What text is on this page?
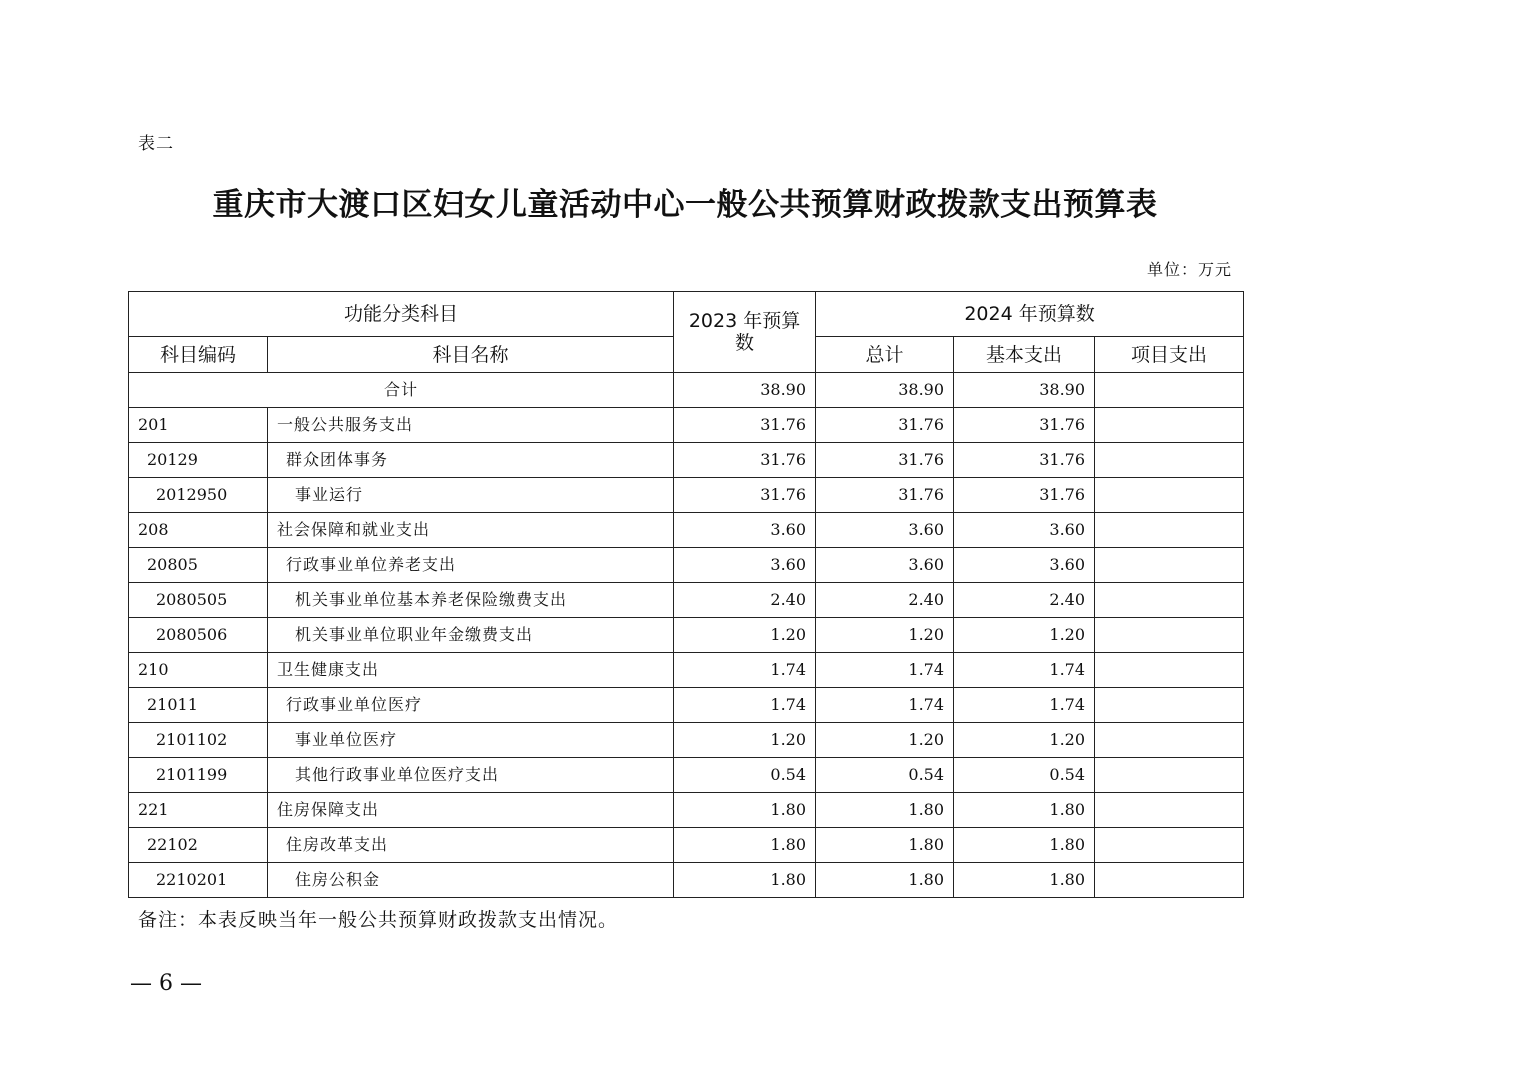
表二
重庆市大渡口区妇女儿童活动中心一般公共预算财政拨款支出预算表
单位：万元
功能分类科目		2023 年预算数	2024 年预算数		
科目编码	科目名称		总计	基本支出	项目支出
合计		38.90	38.90	38.90	
201	一般公共服务支出	31.76	31.76	31.76	
20129	群众团体事务	31.76	31.76	31.76	
2012950	事业运行	31.76	31.76	31.76	
208	社会保障和就业支出	3.60	3.60	3.60	
20805	行政事业单位养老支出	3.60	3.60	3.60	
2080505	机关事业单位基本养老保险缴费支出	2.40	2.40	2.40	
2080506	机关事业单位职业年金缴费支出	1.20	1.20	1.20	
210	卫生健康支出	1.74	1.74	1.74	
21011	行政事业单位医疗	1.74	1.74	1.74	
2101102	事业单位医疗	1.20	1.20	1.20	
2101199	其他行政事业单位医疗支出	0.54	0.54	0.54	
221	住房保障支出	1.80	1.80	1.80	
22102	住房改革支出	1.80	1.80	1.80	
2210201	住房公积金	1.80	1.80	1.80	
备注：本表反映当年一般公共预算财政拨款支出情况。
— 6 —
